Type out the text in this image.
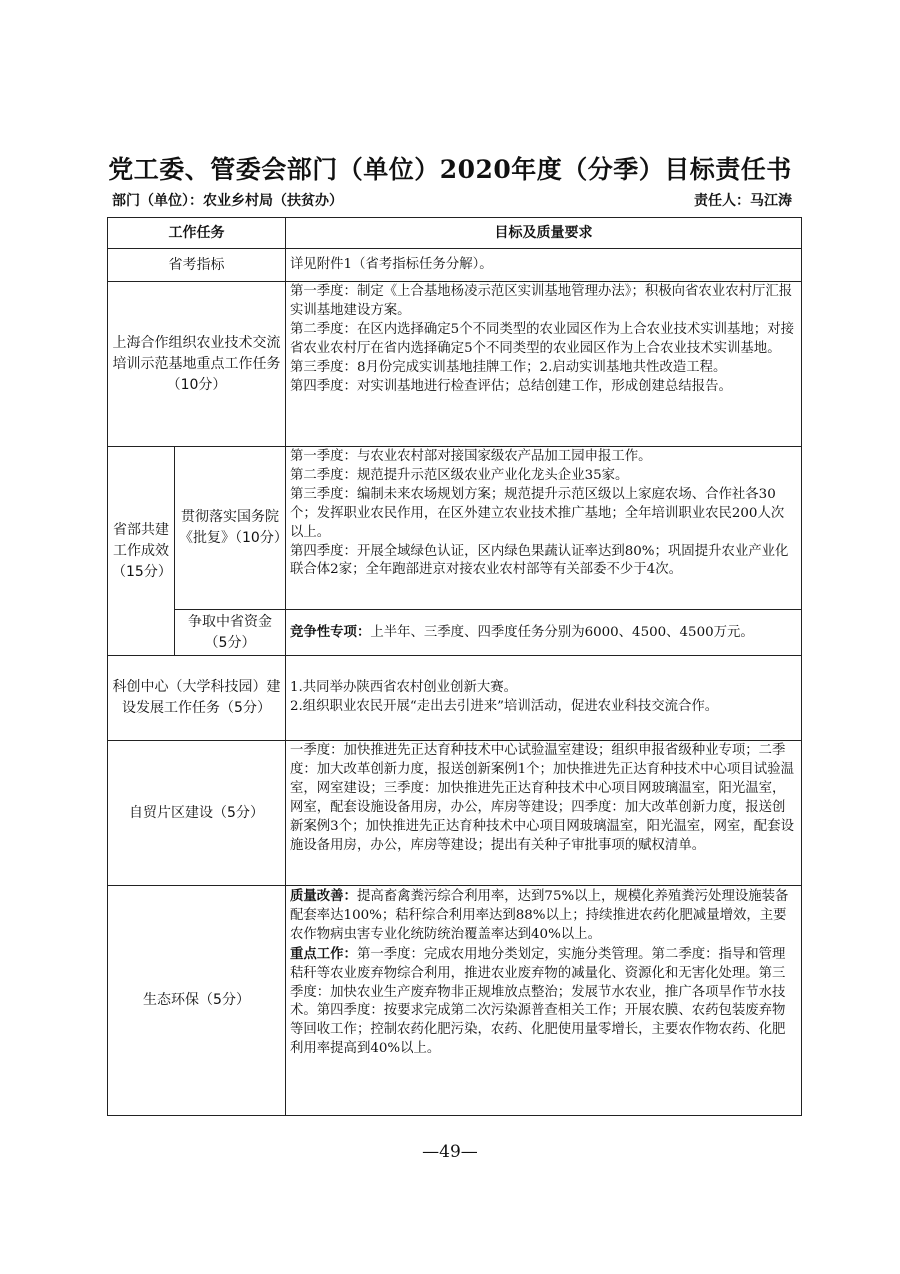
党工委、管委会部门（单位）2020年度（分季）目标责任书
部门（单位）：农业乡村局（扶贫办）	责任人：马江涛
工作任务		目标及质量要求
省考指标		详见附件1（省考指标任务分解）。
上海合作组织农业技术交流培训示范基地重点工作任务（10分）		第一季度：制定《上合基地杨凌示范区实训基地管理办法》；积极向省农业农村厅汇报实训基地建设方案。
第二季度：在区内选择确定5个不同类型的农业园区作为上合农业技术实训基地；对接省农业农村厅在省内选择确定5个不同类型的农业园区作为上合农业技术实训基地。
第三季度：8月份完成实训基地挂牌工作；2.启动实训基地共性改造工程。
第四季度：对实训基地进行检查评估；总结创建工作，形成创建总结报告。

省部共建工作成效（15分）	贯彻落实国务院《批复》（10分）	第一季度：与农业农村部对接国家级农产品加工园申报工作。
第二季度：规范提升示范区级农业产业化龙头企业35家。
第三季度：编制未来农场规划方案；规范提升示范区级以上家庭农场、合作社各30个；发挥职业农民作用，在区外建立农业技术推广基地；全年培训职业农民200人次以上。
第四季度：开展全域绿色认证，区内绿色果蔬认证率达到80%；巩固提升农业产业化联合体2家；全年跑部进京对接农业农村部等有关部委不少于4次。

	争取中省资金（5分）	竞争性专项：上半年、三季度、四季度任务分别为6000、4500、4500万元。
科创中心（大学科技园）建设发展工作任务（5分）		1.共同举办陕西省农村创业创新大赛。
2.组织职业农民开展“走出去引进来”培训活动，促进农业科技交流合作。

自贸片区建设（5分）		一季度：加快推进先正达育种技术中心试验温室建设；组织申报省级种业专项；二季度：加大改革创新力度，报送创新案例1个；加快推进先正达育种技术中心项目试验温室，网室建设；三季度：加快推进先正达育种技术中心项目网玻璃温室，阳光温室，网室，配套设施设备用房，办公，库房等建设；四季度：加大改革创新力度，报送创新案例3个；加快推进先正达育种技术中心项目网玻璃温室，阳光温室，网室，配套设施设备用房，办公，库房等建设；提出有关种子审批事项的赋权清单。
生态环保（5分）		质量改善：提高畜禽粪污综合利用率，达到75%以上，规模化养殖粪污处理设施装备配套率达100%；秸秆综合利用率达到88%以上；持续推进农药化肥减量增效，主要农作物病虫害专业化统防统治覆盖率达到40%以上。
重点工作：第一季度：完成农用地分类划定，实施分类管理。第二季度：指导和管理秸秆等农业废弃物综合利用，推进农业废弃物的减量化、资源化和无害化处理。第三季度：加快农业生产废弃物非正规堆放点整治；发展节水农业，推广各项旱作节水技术。第四季度：按要求完成第二次污染源普查相关工作；开展农膜、农药包装废弃物等回收工作；控制农药化肥污染，农药、化肥使用量零增长，主要农作物农药、化肥利用率提高到40%以上。
—49—
